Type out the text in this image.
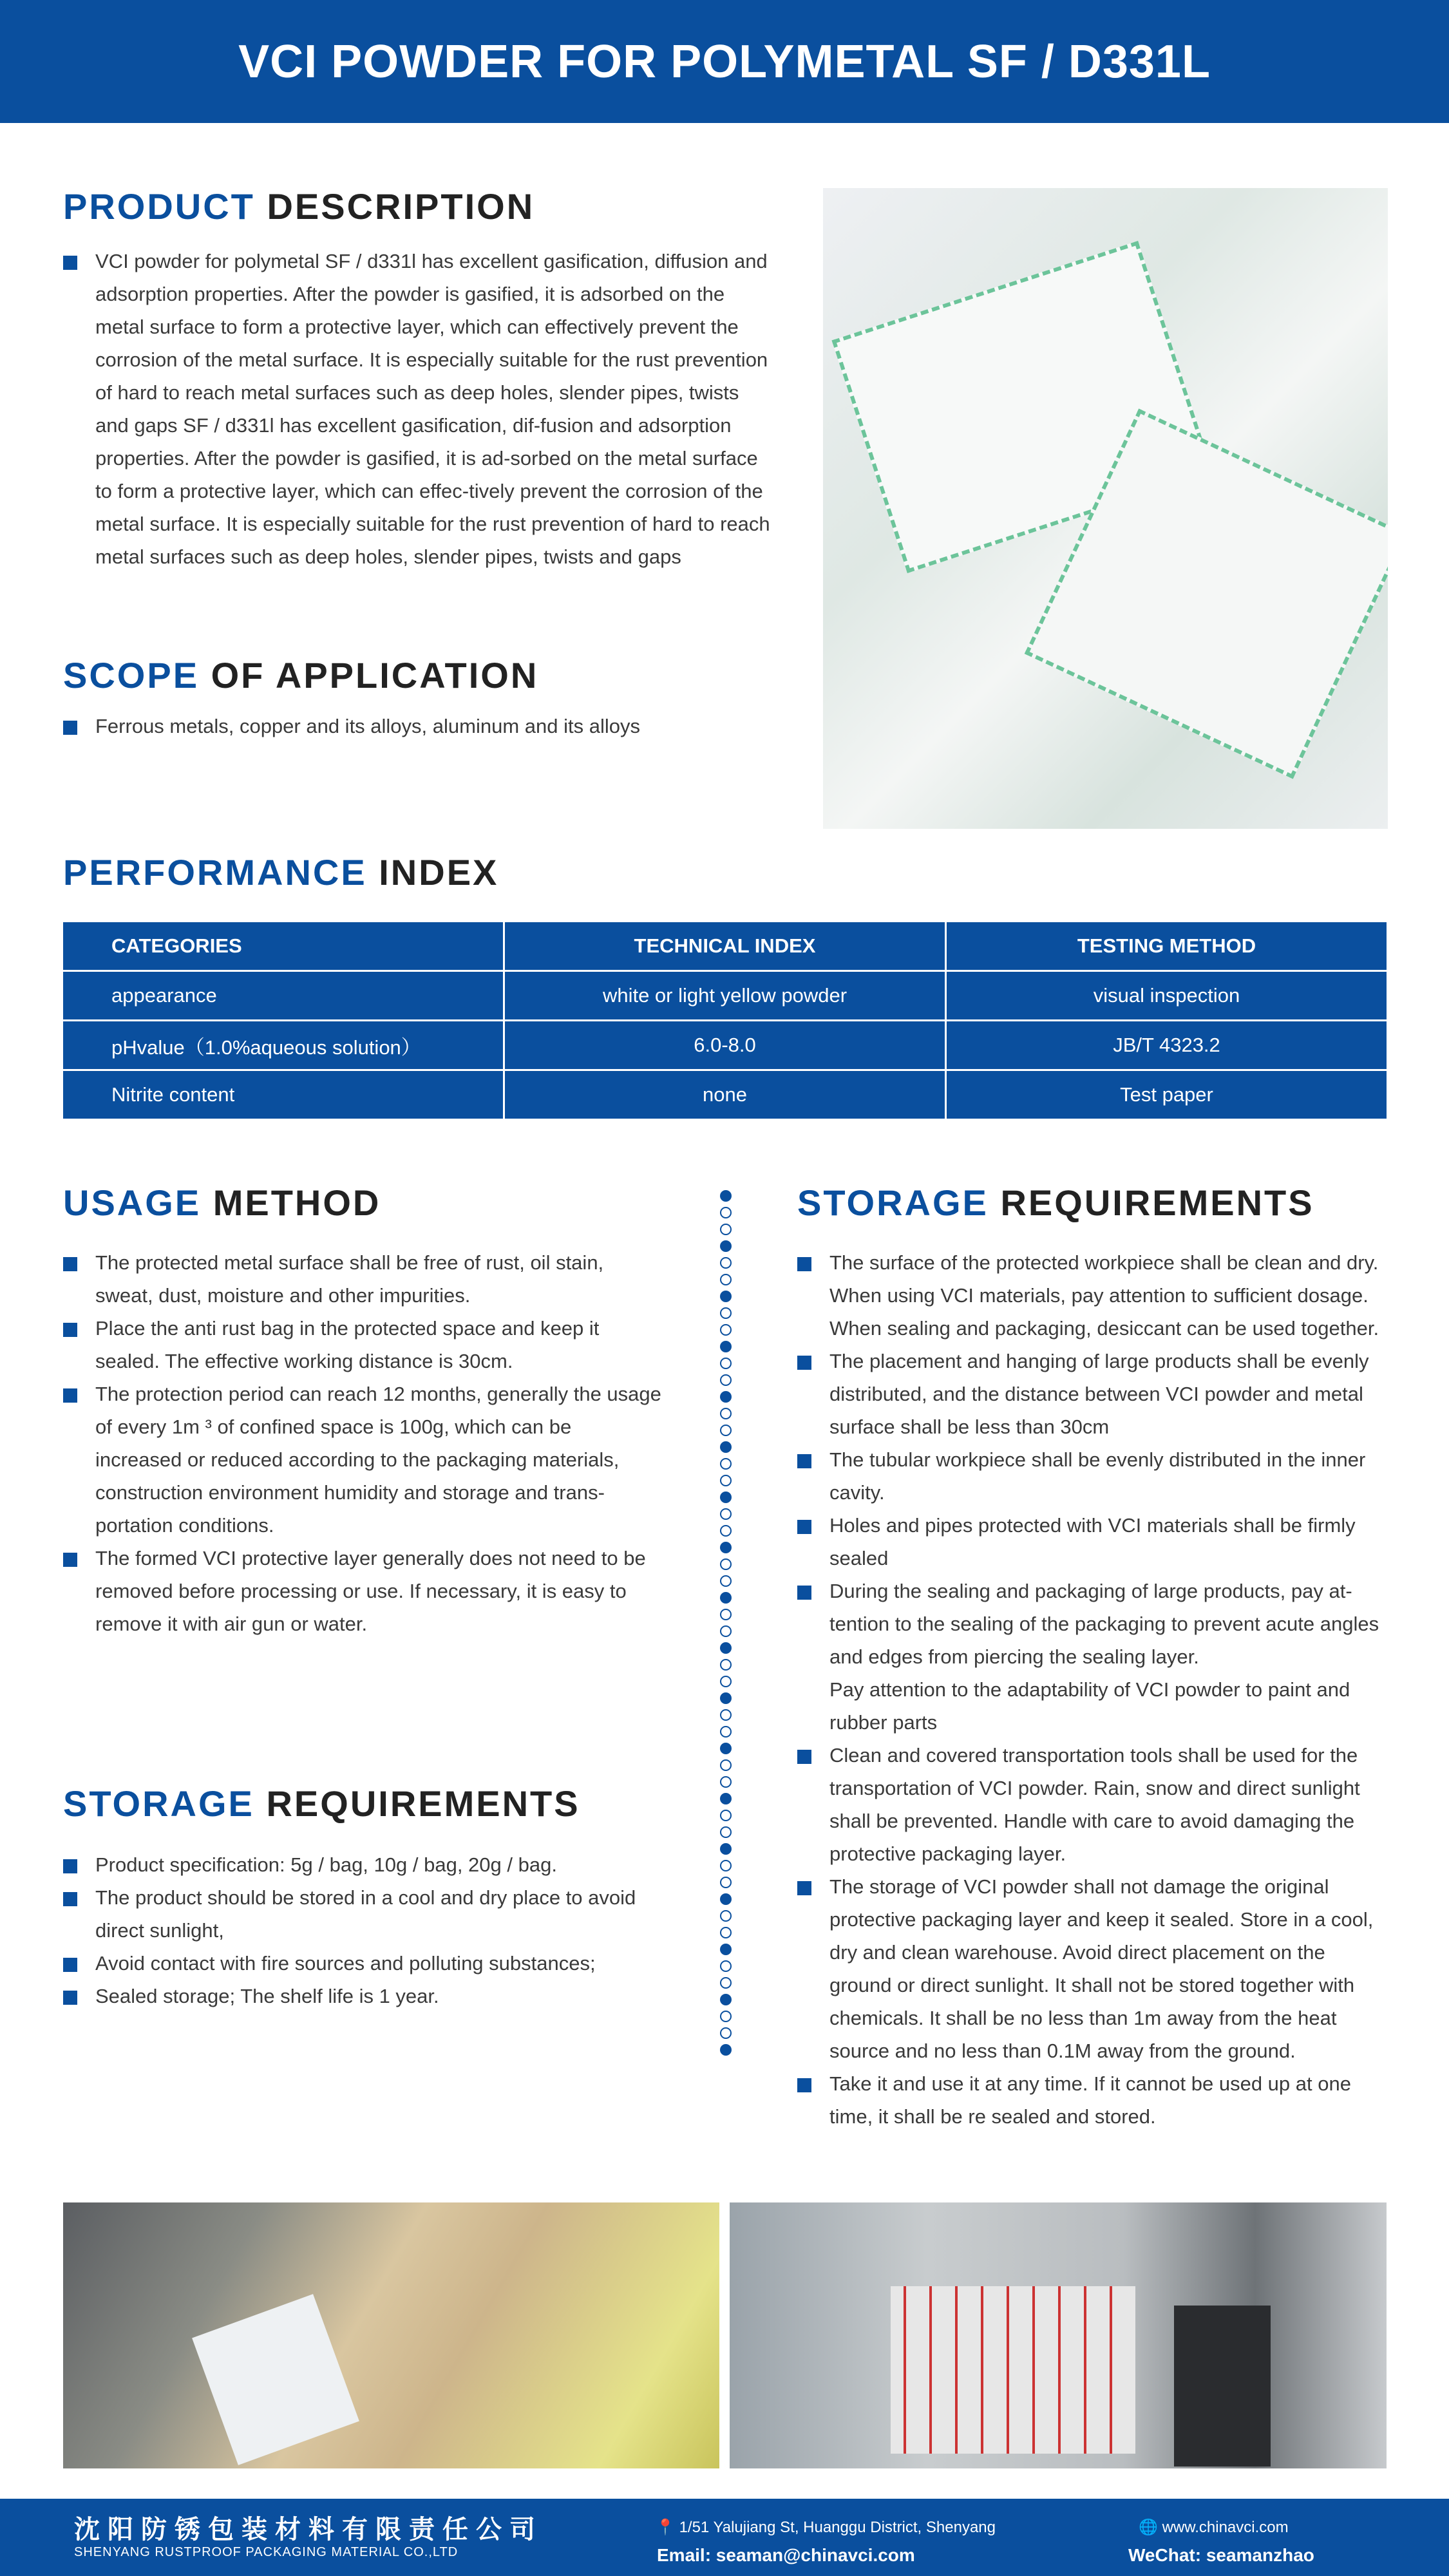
VCI POWDER FOR POLYMETAL SF / D331L
PRODUCT DESCRIPTION
VCI powder for polymetal SF / d331l has excellent gasification, diffusion and adsorption properties. After the powder is gasified, it is adsorbed on the metal surface to form a protective layer, which can effectively prevent the corrosion of the metal surface. It is especially suitable for the rust prevention of hard to reach metal surfaces such as deep holes, slender pipes, twists and gaps SF / d331l has excellent gasification, dif-fusion and adsorption properties. After the powder is gasified, it is ad-sorbed on the metal surface to form a protective layer, which can effec-tively prevent the corrosion of the metal surface. It is especially suitable for the rust prevention of hard to reach metal surfaces such as deep holes, slender pipes, twists and gaps
SCOPE OF APPLICATION
Ferrous metals, copper and its alloys, aluminum and its alloys
PERFORMANCE INDEX
CATEGORIES	TECHNICAL INDEX	TESTING METHOD
appearance	white or light yellow powder	visual inspection
pHvalue（1.0%aqueous solution）	6.0-8.0	JB/T 4323.2
Nitrite content	none	Test paper
USAGE METHOD
The protected metal surface shall be free of rust, oil stain, sweat, dust, moisture and other impurities.
Place the anti rust bag in the protected space and keep it sealed. The effective working distance is 30cm.
The protection period can reach 12 months, generally the usage of every 1m ³ of confined space is 100g, which can be increased or reduced according to the packaging materials, construction environment humidity and storage and trans-portation conditions.
The formed VCI protective layer generally does not need to be removed before processing or use. If necessary, it is easy to remove it with air gun or water.
STORAGE REQUIREMENTS
The surface of the protected workpiece shall be clean and dry. When using VCI materials, pay attention to sufficient dosage. When sealing and packaging, desiccant can be used together.
The placement and hanging of large products shall be evenly distributed, and the distance between VCI powder and metal surface shall be less than 30cm
The tubular workpiece shall be evenly distributed in the inner cavity.
Holes and pipes protected with VCI materials shall be firmly sealed
During the sealing and packaging of large products, pay at-tention to the sealing of the packaging to prevent acute angles and edges from piercing the sealing layer.
Pay attention to the adaptability of VCI powder to paint and rubber parts
Clean and covered transportation tools shall be used for the transportation of VCI powder. Rain, snow and direct sunlight shall be prevented. Handle with care to avoid damaging the protective packaging layer.
The storage of VCI powder shall not damage the original protective packaging layer and keep it sealed. Store in a cool, dry and clean warehouse. Avoid direct placement on the ground or direct sunlight. It shall not be stored together with chemicals. It shall be no less than 1m away from the heat source and no less than 0.1M away from the ground.
Take it and use it at any time. If it cannot be used up at one time, it shall be re sealed and stored.
STORAGE REQUIREMENTS
Product specification: 5g / bag, 10g / bag, 20g / bag.
The product should be stored in a cool and dry place to avoid direct sunlight,
Avoid contact with fire sources and polluting substances;
Sealed storage; The shelf life is 1 year.
沈阳防锈包装材料有限责任公司
SHENYANG RUSTPROOF PACKAGING MATERIAL CO.,LTD
📍 1/51 Yalujiang St, Huanggu District, Shenyang
Email: seaman@chinavci.com
🌐 www.chinavci.com
WeChat: seamanzhao
